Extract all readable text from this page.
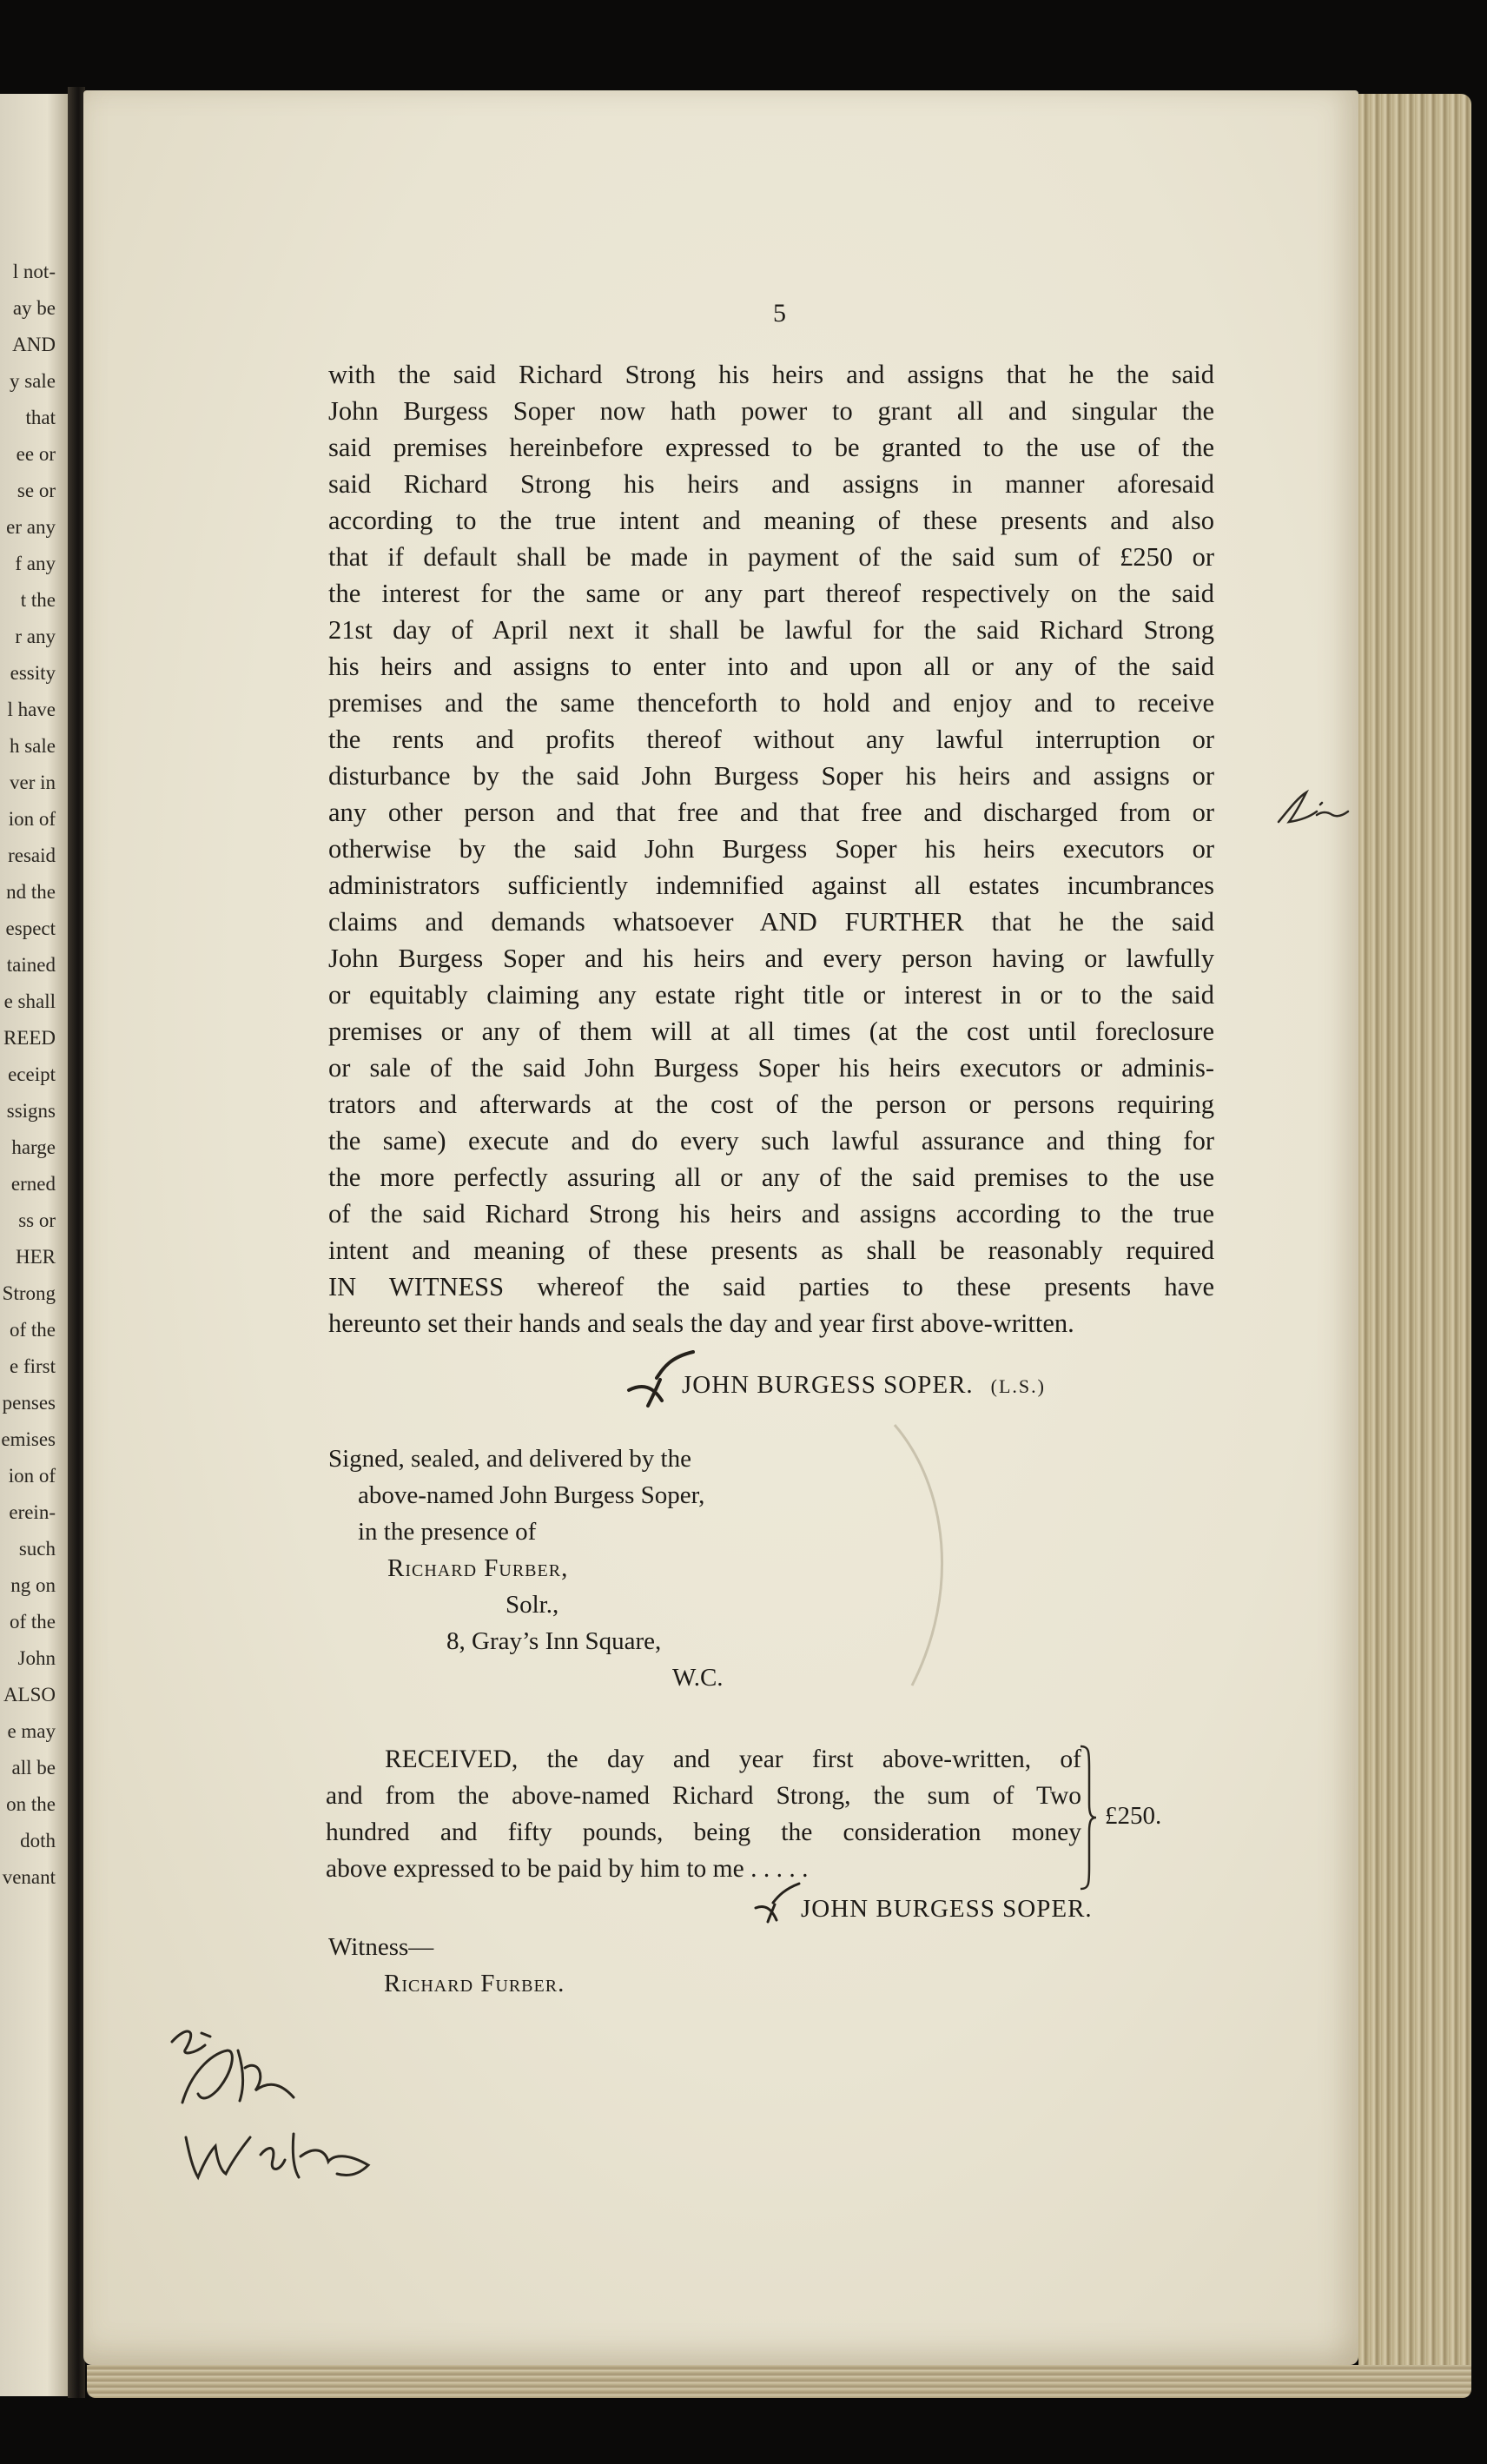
l not-
ay be
AND
y sale
that
ee or
se or
er any
f any
t the
r any
essity
l have
h sale
ver in
ion of
resaid
nd the
espect
tained
e shall
REED
eceipt
ssigns
harge
erned
ss or
HER
Strong
of the
e first
penses
emises
ion of
erein-
such
ng on
of the
John
ALSO
e may
all be
on the
doth
venant
5
with the said Richard Strong his heirs and assigns that he the said
John Burgess Soper now hath power to grant all and singular the
said premises hereinbefore expressed to be granted to the use of the
said Richard Strong his heirs and assigns in manner aforesaid
according to the true intent and meaning of these presents and also
that if default shall be made in payment of the said sum of £250 or
the interest for the same or any part thereof respectively on the said
21st day of April next it shall be lawful for the said Richard Strong
his heirs and assigns to enter into and upon all or any of the said
premises and the same thenceforth to hold and enjoy and to receive
the rents and profits thereof without any lawful interruption or
disturbance by the said John Burgess Soper his heirs and assigns or
any other person and that free and that free and discharged from or
otherwise by the said John Burgess Soper his heirs executors or
administrators sufficiently indemnified against all estates incumbrances
claims and demands whatsoever AND FURTHER that he the said
John Burgess Soper and his heirs and every person having or lawfully
or equitably claiming any estate right title or interest in or to the said
premises or any of them will at all times (at the cost until foreclosure
or sale of the said John Burgess Soper his heirs executors or adminis-
trators and afterwards at the cost of the person or persons requiring
the same) execute and do every such lawful assurance and thing for
the more perfectly assuring all or any of the said premises to the use
of the said Richard Strong his heirs and assigns according to the true
intent and meaning of these presents as shall be reasonably required
IN WITNESS whereof the said parties to these presents have
hereunto set their hands and seals the day and year first above-written.
JOHN BURGESS SOPER. (L.S.)
Signed, sealed, and delivered by the
above-named John Burgess Soper,
in the presence of
Richard Furber,
Solr.,
8, Gray’s Inn Square,
W.C.
RECEIVED, the day and year first above-written, of
and from the above-named Richard Strong, the sum of Two
hundred and fifty pounds, being the consideration money
above expressed to be paid by him to me . . . . .
£250.
JOHN BURGESS SOPER.
Witness—
Richard Furber.
